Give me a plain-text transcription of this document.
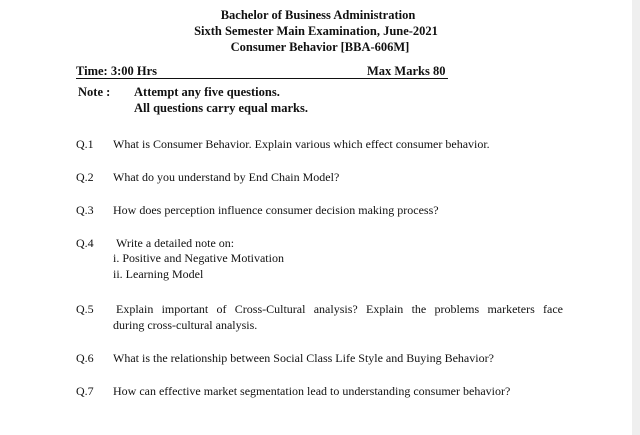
Bachelor of Business Administration
Sixth Semester Main Examination, June-2021
Consumer Behavior [BBA-606M]
Time: 3:00 Hrs	Max Marks 80
Note : Attempt any five questions.
All questions carry equal marks.
Q.1 What is Consumer Behavior. Explain various which effect consumer behavior.
Q.2 What do you understand by End Chain Model?
Q.3 How does perception influence consumer decision making process?
Q.4 Write a detailed note on:
i. Positive and Negative Motivation
ii. Learning Model
Q.5 Explain important of Cross-Cultural analysis? Explain the problems marketers face
during cross-cultural analysis.
Q.6 What is the relationship between Social Class Life Style and Buying Behavior?
Q.7 How can effective market segmentation lead to understanding consumer behavior?
